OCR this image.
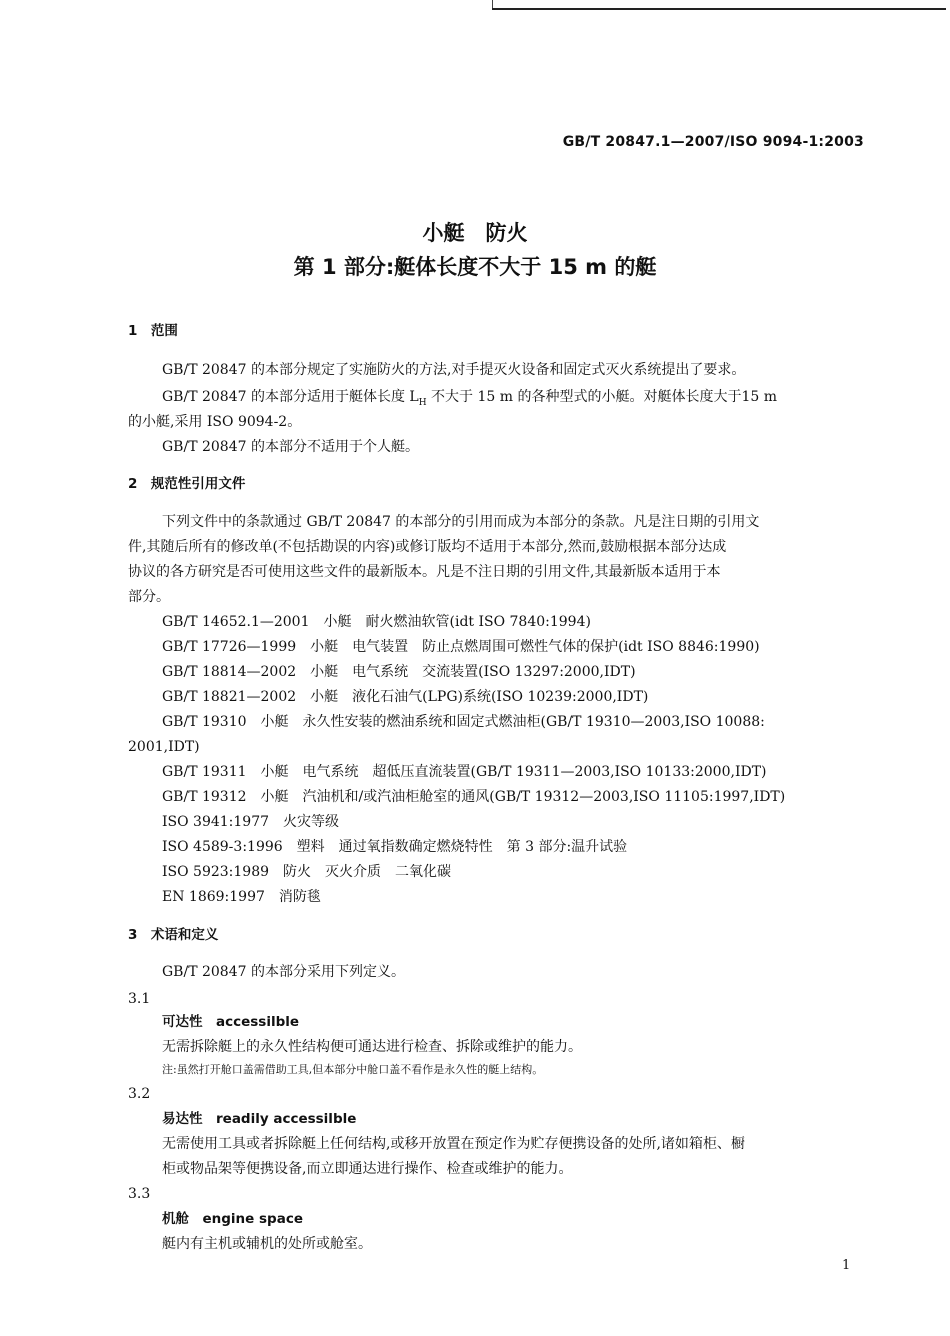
GB/T 20847.1—2007/ISO 9094-1:2003
小艇　防火
第 1 部分:艇体长度不大于 15 m 的艇
1　范围
GB/T 20847 的本部分规定了实施防火的方法,对手提灭火设备和固定式灭火系统提出了要求。
GB/T 20847 的本部分适用于艇体长度 $L_H$ 不大于 15 m 的各种型式的小艇。对艇体长度大于15 m
的小艇,采用 ISO 9094-2。
GB/T 20847 的本部分不适用于个人艇。
2　规范性引用文件
下列文件中的条款通过 GB/T 20847 的本部分的引用而成为本部分的条款。凡是注日期的引用文
件,其随后所有的修改单(不包括勘误的内容)或修订版均不适用于本部分,然而,鼓励根据本部分达成
协议的各方研究是否可使用这些文件的最新版本。凡是不注日期的引用文件,其最新版本适用于本
部分。
GB/T 14652.1—2001　小艇　耐火燃油软管(idt ISO 7840:1994)
GB/T 17726—1999　小艇　电气装置　防止点燃周围可燃性气体的保护(idt ISO 8846:1990)
GB/T 18814—2002　小艇　电气系统　交流装置(ISO 13297:2000,IDT)
GB/T 18821—2002　小艇　液化石油气(LPG)系统(ISO 10239:2000,IDT)
GB/T 19310　小艇　永久性安装的燃油系统和固定式燃油柜(GB/T 19310—2003,ISO 10088:
2001,IDT)
GB/T 19311　小艇　电气系统　超低压直流装置(GB/T 19311—2003,ISO 10133:2000,IDT)
GB/T 19312　小艇　汽油机和/或汽油柜舱室的通风(GB/T 19312—2003,ISO 11105:1997,IDT)
ISO 3941:1977　火灾等级
ISO 4589-3:1996　塑料　通过氧指数确定燃烧特性　第 3 部分:温升试验
ISO 5923:1989　防火　灭火介质　二氧化碳
EN 1869:1997　消防毯
3　术语和定义
GB/T 20847 的本部分采用下列定义。
3.1
可达性　accessilble
无需拆除艇上的永久性结构便可通达进行检查、拆除或维护的能力。
注:虽然打开舱口盖需借助工具,但本部分中舱口盖不看作是永久性的艇上结构。
3.2
易达性　readily accessilble
无需使用工具或者拆除艇上任何结构,或移开放置在预定作为贮存便携设备的处所,诸如箱柜、橱
柜或物品架等便携设备,而立即通达进行操作、检查或维护的能力。
3.3
机舱　engine space
艇内有主机或辅机的处所或舱室。
1
